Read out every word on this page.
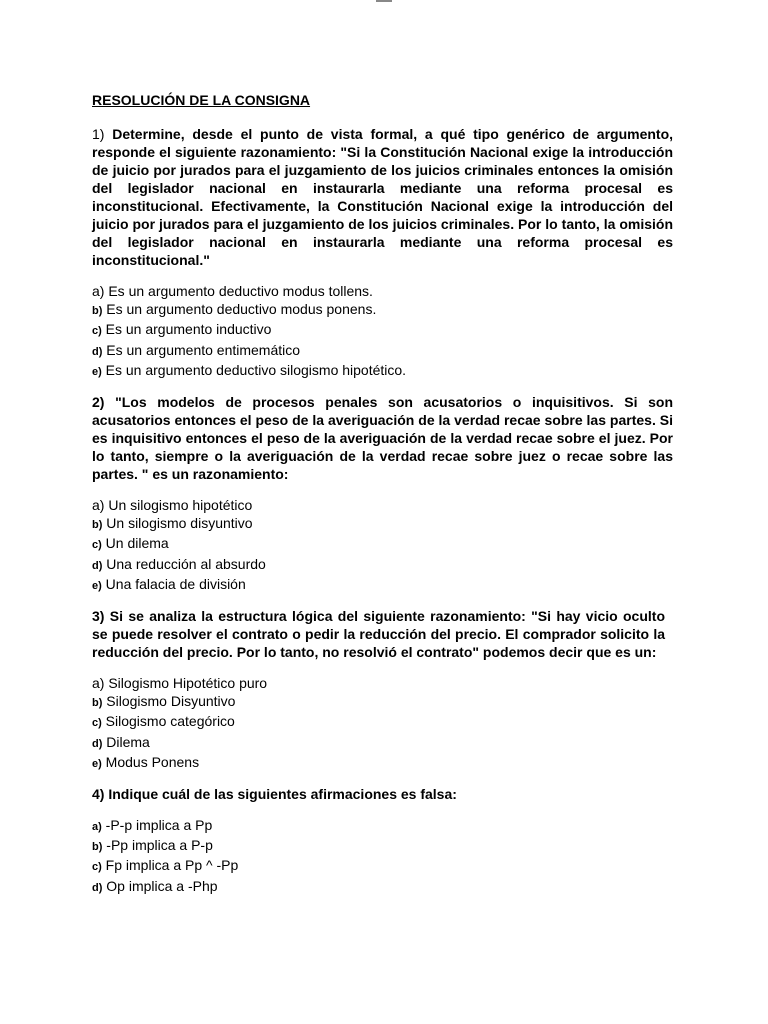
RESOLUCIÓN DE LA CONSIGNA
1) Determine, desde el punto de vista formal, a qué tipo genérico de argumento, responde el siguiente razonamiento: "Si la Constitución Nacional exige la introducción de juicio por jurados para el juzgamiento de los juicios criminales entonces la omisión del legislador nacional en instaurarla mediante una reforma procesal es inconstitucional. Efectivamente, la Constitución Nacional exige la introducción del juicio por jurados para el juzgamiento de los juicios criminales. Por lo tanto, la omisión del legislador nacional en instaurarla mediante una reforma procesal es inconstitucional."
a) Es un argumento deductivo modus tollens.
b) Es un argumento deductivo modus ponens.
c) Es un argumento inductivo
d) Es un argumento entimemático
e) Es un argumento deductivo silogismo hipotético.
2) "Los modelos de procesos penales son acusatorios o inquisitivos. Si son acusatorios entonces el peso de la averiguación de la verdad recae sobre las partes. Si es inquisitivo entonces el peso de la averiguación de la verdad recae sobre el juez. Por lo tanto, siempre o la averiguación de la verdad recae sobre juez o recae sobre las partes. " es un razonamiento:
a) Un silogismo hipotético
b) Un silogismo disyuntivo
c) Un dilema
d) Una reducción al absurdo
e) Una falacia de división
3) Si se analiza la estructura lógica del siguiente razonamiento: "Si hay vicio oculto se puede resolver el contrato o pedir la reducción del precio. El comprador solicito la reducción del precio. Por lo tanto, no resolvió el contrato" podemos decir que es un:
a) Silogismo Hipotético puro
b) Silogismo Disyuntivo
c) Silogismo categórico
d) Dilema
e) Modus Ponens
4) Indique cuál de las siguientes afirmaciones es falsa:
a) -P-p implica a Pp
b) -Pp implica a P-p
c) Fp implica a Pp ^ -Pp
d) Op implica a -Php
